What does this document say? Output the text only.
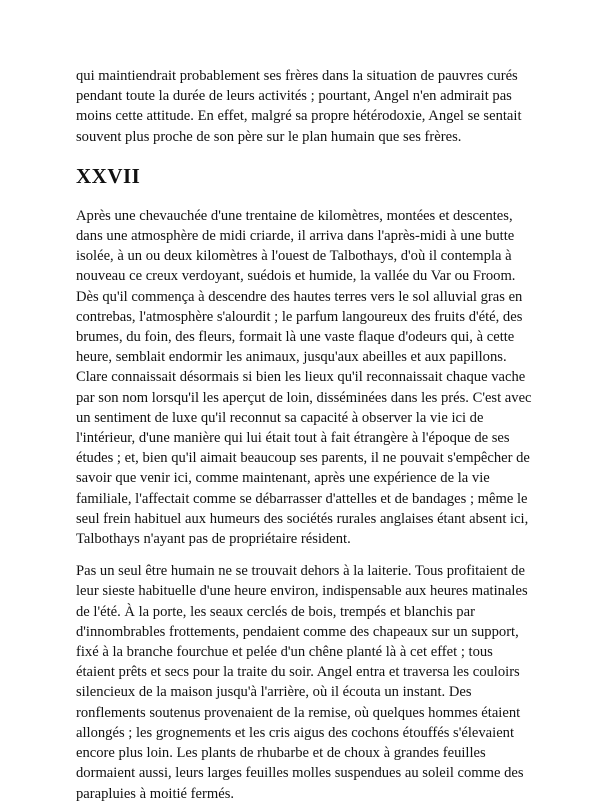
qui maintiendrait probablement ses frères dans la situation de pauvres curés pendant toute la durée de leurs activités ; pourtant, Angel n'en admirait pas moins cette attitude. En effet, malgré sa propre hétérodoxie, Angel se sentait souvent plus proche de son père sur le plan humain que ses frères.

XXVII

Après une chevauchée d'une trentaine de kilomètres, montées et descentes, dans une atmosphère de midi criarde, il arriva dans l'après-midi à une butte isolée, à un ou deux kilomètres à l'ouest de Talbothays, d'où il contempla à nouveau ce creux verdoyant, suédois et humide, la vallée du Var ou Froom. Dès qu'il commença à descendre des hautes terres vers le sol alluvial gras en contrebas, l'atmosphère s'alourdit ; le parfum langoureux des fruits d'été, des brumes, du foin, des fleurs, formait là une vaste flaque d'odeurs qui, à cette heure, semblait endormir les animaux, jusqu'aux abeilles et aux papillons. Clare connaissait désormais si bien les lieux qu'il reconnaissait chaque vache par son nom lorsqu'il les aperçut de loin, disséminées dans les prés. C'est avec un sentiment de luxe qu'il reconnut sa capacité à observer la vie ici de l'intérieur, d'une manière qui lui était tout à fait étrangère à l'époque de ses études ; et, bien qu'il aimait beaucoup ses parents, il ne pouvait s'empêcher de savoir que venir ici, comme maintenant, après une expérience de la vie familiale, l'affectait comme se débarrasser d'attelles et de bandages ; même le seul frein habituel aux humeurs des sociétés rurales anglaises étant absent ici, Talbothays n'ayant pas de propriétaire résident.

Pas un seul être humain ne se trouvait dehors à la laiterie. Tous profitaient de leur sieste habituelle d'une heure environ, indispensable aux heures matinales de l'été. À la porte, les seaux cerclés de bois, trempés et blanchis par d'innombrables frottements, pendaient comme des chapeaux sur un support, fixé à la branche fourchue et pelée d'un chêne planté là à cet effet ; tous étaient prêts et secs pour la traite du soir. Angel entra et traversa les couloirs silencieux de la maison jusqu'à l'arrière, où il écouta un instant. Des ronflements soutenus provenaient de la remise, où quelques hommes étaient allongés ; les grognements et les cris aigus des cochons étouffés s'élevaient encore plus loin. Les plants de rhubarbe et de choux à grandes feuilles dormaient aussi, leurs larges feuilles molles suspendues au soleil comme des parapluies à moitié fermés.
